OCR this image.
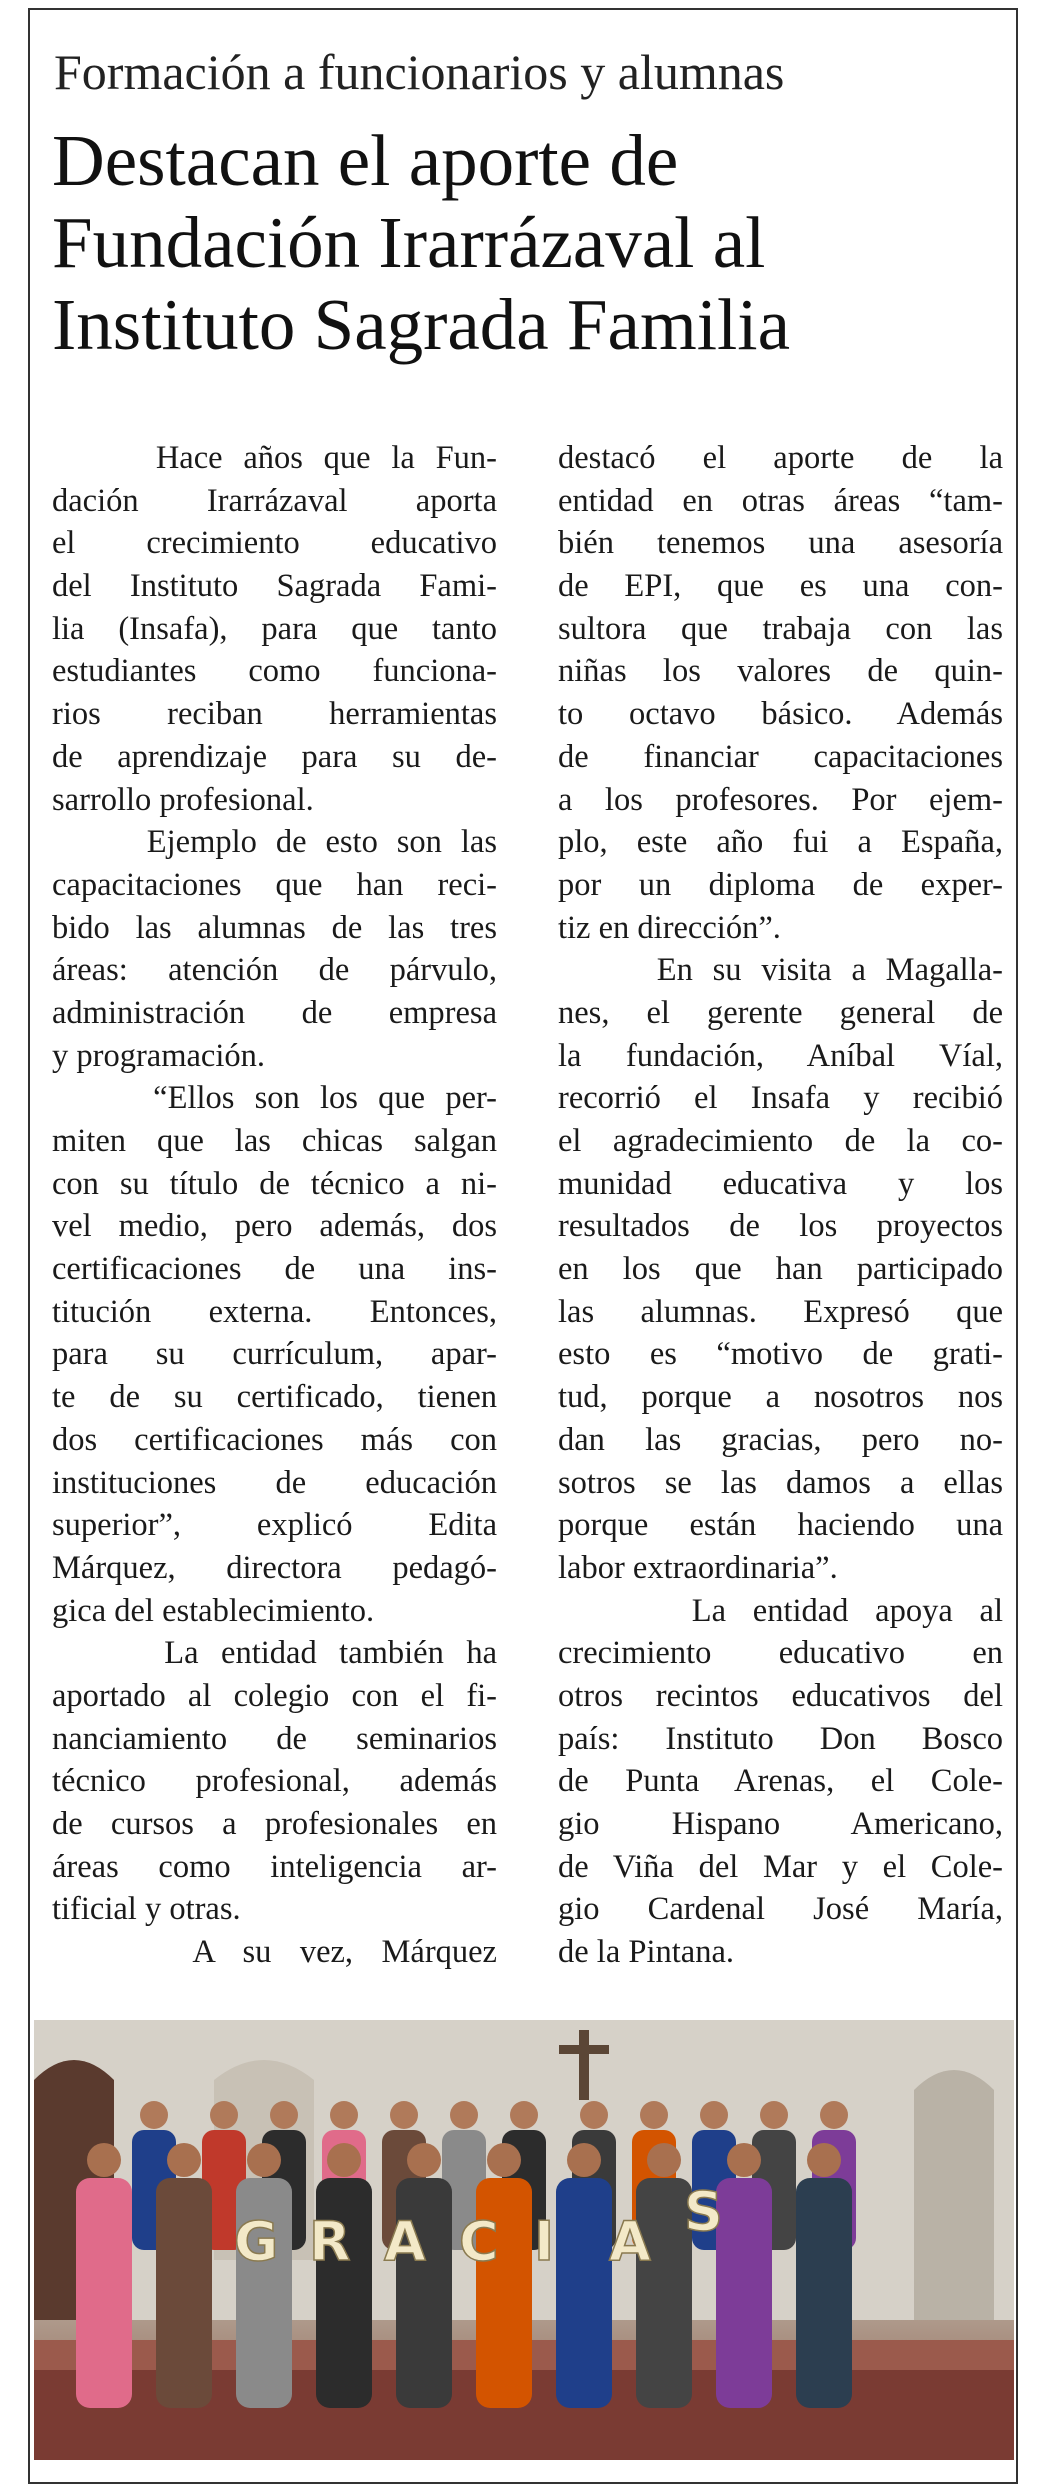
Formación a funcionarios y alumnas
Destacan el aporte de
Fundación Irarrázaval al
Instituto Sagrada Familia
Hace años que la Fun-
dación Irarrázaval aporta
el crecimiento educativo
del Instituto Sagrada Fami-
lia (Insafa), para que tanto
estudiantes como funciona-
rios reciban herramientas
de aprendizaje para su de-
sarrollo profesional.
Ejemplo de esto son las
capacitaciones que han reci-
bido las alumnas de las tres
áreas: atención de párvulo,
administración de empresa
y programación.
“Ellos son los que per-
miten que las chicas salgan
con su título de técnico a ni-
vel medio, pero además, dos
certificaciones de una ins-
titución externa. Entonces,
para su currículum, apar-
te de su certificado, tienen
dos certificaciones más con
instituciones de educación
superior”, explicó Edita
Márquez, directora pedagó-
gica del establecimiento.
La entidad también ha
aportado al colegio con el fi-
nanciamiento de seminarios
técnico profesional, además
de cursos a profesionales en
áreas como inteligencia ar-
tificial y otras.
A su vez, Márquez
destacó el aporte de la
entidad en otras áreas “tam-
bién tenemos una asesoría
de EPI, que es una con-
sultora que trabaja con las
niñas los valores de quin-
to octavo básico. Además
de financiar capacitaciones
a los profesores. Por ejem-
plo, este año fui a España,
por un diploma de exper-
tiz en dirección”.
En su visita a Magalla-
nes, el gerente general de
la fundación, Aníbal Víal,
recorrió el Insafa y recibió
el agradecimiento de la co-
munidad educativa y los
resultados de los proyectos
en los que han participado
las alumnas. Expresó que
esto es “motivo de grati-
tud, porque a nosotros nos
dan las gracias, pero no-
sotros se las damos a ellas
porque están haciendo una
labor extraordinaria”.
La entidad apoya al
crecimiento educativo en
otros recintos educativos del
país: Instituto Don Bosco
de Punta Arenas, el Cole-
gio Hispano Americano,
de Viña del Mar y el Cole-
gio Cardenal José María,
de la Pintana.
G R A C I A S
